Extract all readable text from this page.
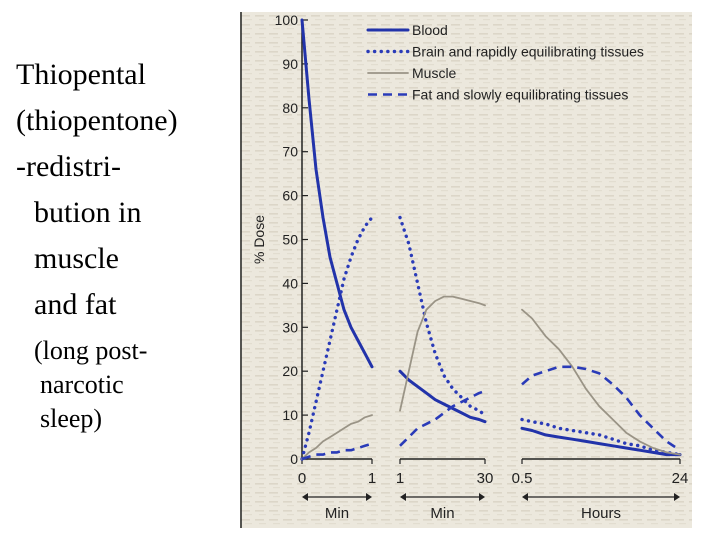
Thiopental
(thiopentone)
-redistri-
bution in
muscle
and fat
(long post-
narcotic
sleep)
0
10
20
30
40
50
60
70
80
90
100
% Dose
0	1
Min
1	30
Min
0.5	24
Hours
Blood
Brain and rapidly equilibrating tissues
Muscle
Fat and slowly equilibrating tissues
